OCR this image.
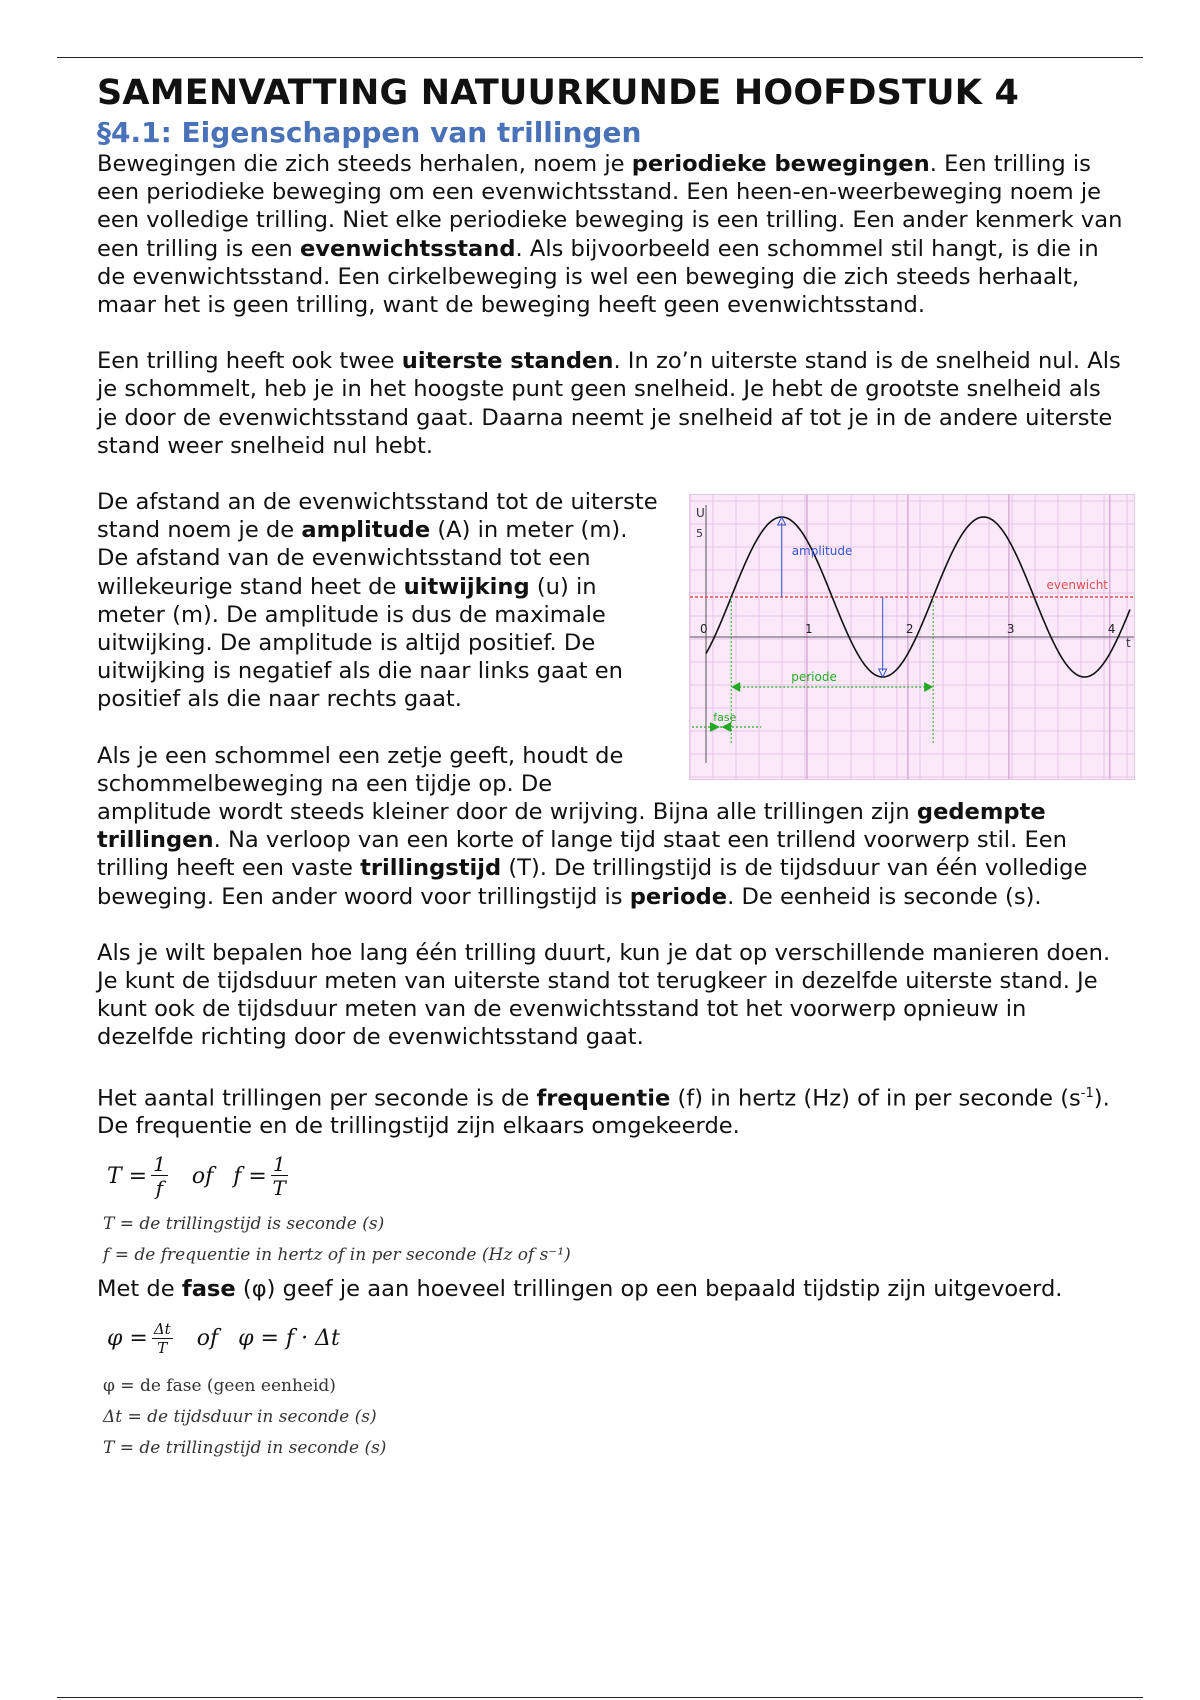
SAMENVATTING NATUURKUNDE HOOFDSTUK 4
§4.1: Eigenschappen van trillingen

Bewegingen die zich steeds herhalen, noem je periodieke bewegingen. Een trilling is een periodieke beweging om een evenwichtsstand. Een heen-en-weerbeweging noem je een volledige trilling. Niet elke periodieke beweging is een trilling. Een ander kenmerk van een trilling is een evenwichtsstand. Als bijvoorbeeld een schommel stil hangt, is die in de evenwichtsstand. Een cirkelbeweging is wel een beweging die zich steeds herhaalt, maar het is geen trilling, want de beweging heeft geen evenwichtsstand.

Een trilling heeft ook twee uiterste standen. In zo’n uiterste stand is de snelheid nul. Als je schommelt, heb je in het hoogste punt geen snelheid. Je hebt de grootste snelheid als je door de evenwichtsstand gaat. Daarna neemt je snelheid af tot je in de andere uiterste stand weer snelheid nul hebt.

U
5
0	1	2	3	4
t
amplitude
evenwicht
periode
fase

De afstand an de evenwichtsstand tot de uiterste stand noem je de amplitude (A) in meter (m). De afstand van de evenwichtsstand tot een willekeurige stand heet de uitwijking (u) in meter (m). De amplitude is dus de maximale uitwijking. De amplitude is altijd positief. De uitwijking is negatief als die naar links gaat en positief als die naar rechts gaat.

Als je een schommel een zetje geeft, houdt de schommelbeweging na een tijdje op. De amplitude wordt steeds kleiner door de wrijving. Bijna alle trillingen zijn gedempte trillingen. Na verloop van een korte of lange tijd staat een trillend voorwerp stil. Een trilling heeft een vaste trillingstijd (T). De trillingstijd is de tijdsduur van één volledige beweging. Een ander woord voor trillingstijd is periode. De eenheid is seconde (s).

Als je wilt bepalen hoe lang één trilling duurt, kun je dat op verschillende manieren doen. Je kunt de tijdsduur meten van uiterste stand tot terugkeer in dezelfde uiterste stand. Je kunt ook de tijdsduur meten van de evenwichtsstand tot het voorwerp opnieuw in dezelfde richting door de evenwichtsstand gaat.

Het aantal trillingen per seconde is de frequentie (f) in hertz (Hz) of in per seconde $(s^{-1})$. De frequentie en de trillingstijd zijn elkaars omgekeerde.

$T = \frac{1}{f}$ of $f = \frac{1}{T}$
T = de trillingstijd is seconde (s)
f = de frequentie in hertz of in per seconde (Hz of s⁻¹)

Met de fase (φ) geef je aan hoeveel trillingen op een bepaald tijdstip zijn uitgevoerd.

$\varphi = \frac{\Delta t}{T}$ of φ = f · Δt
φ = de fase (geen eenheid)
Δt = de tijdsduur in seconde (s)
T = de trillingstijd in seconde (s)
